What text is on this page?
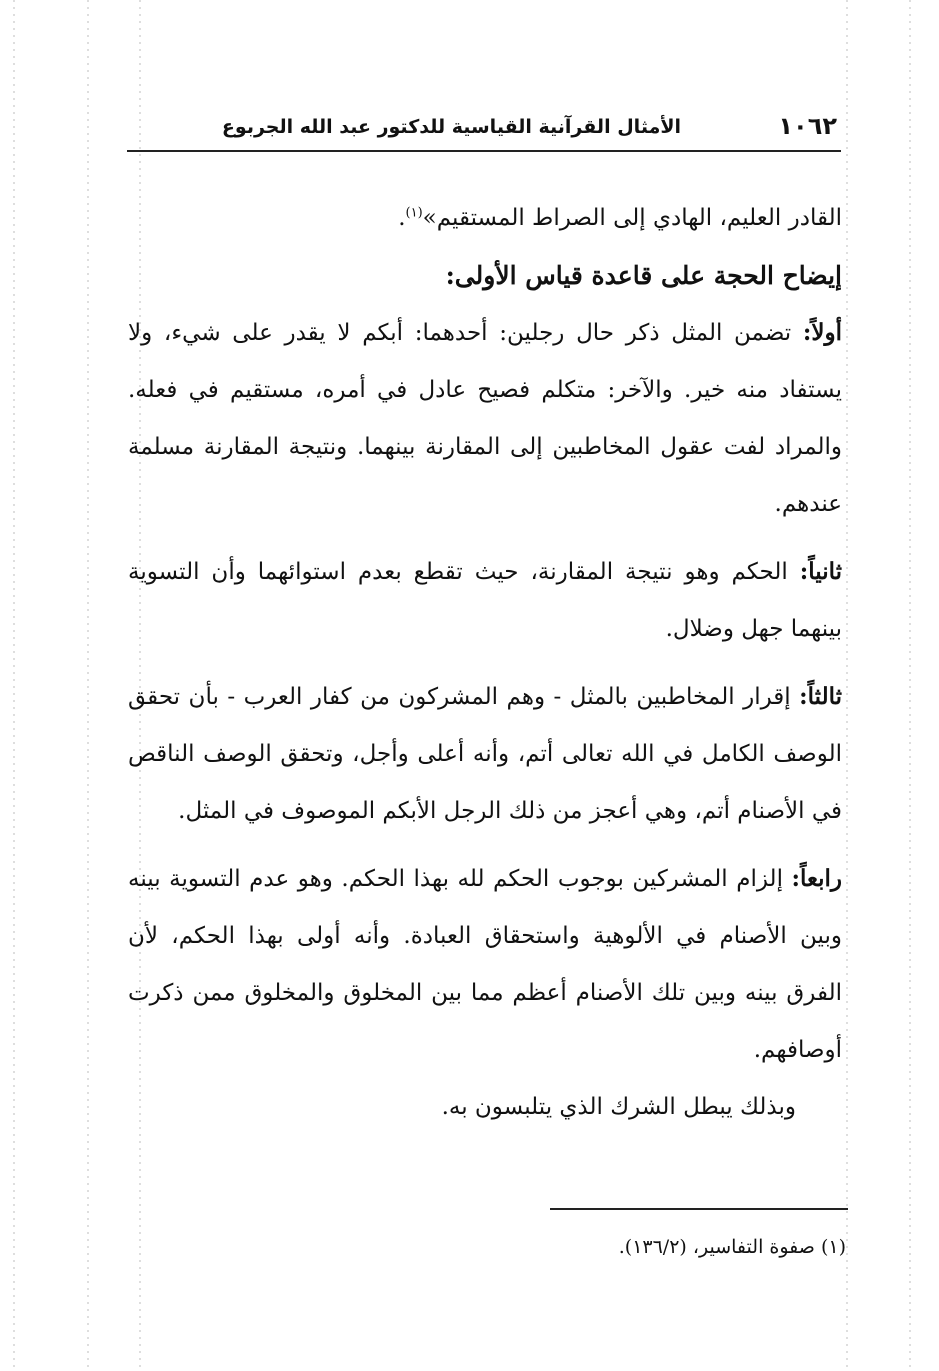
١٠٦٢
الأمثال القرآنية القياسية للدكتور عبد الله الجربوع

القادر العليم، الهادي إلى الصراط المستقيم»$^{(١)}$.

إيضاح الحجة على قاعدة قياس الأولى:

أولاً: تضمن المثل ذكر حال رجلين: أحدهما: أبكم لا يقدر على شيء، ولا يستفاد منه خير. والآخر: متكلم فصيح عادل في أمره، مستقيم في فعله. والمراد لفت عقول المخاطبين إلى المقارنة بينهما. ونتيجة المقارنة مسلمة عندهم.

ثانياً: الحكم وهو نتيجة المقارنة، حيث تقطع بعدم استوائهما وأن التسوية بينهما جهل وضلال.

ثالثاً: إقرار المخاطبين بالمثل - وهم المشركون من كفار العرب - بأن تحقق الوصف الكامل في الله تعالى أتم، وأنه أعلى وأجل، وتحقق الوصف الناقص في الأصنام أتم، وهي أعجز من ذلك الرجل الأبكم الموصوف في المثل.

رابعاً: إلزام المشركين بوجوب الحكم لله بهذا الحكم. وهو عدم التسوية بينه وبين الأصنام في الألوهية واستحقاق العبادة. وأنه أولى بهذا الحكم، لأن الفرق بينه وبين تلك الأصنام أعظم مما بين المخلوق والمخلوق ممن ذكرت أوصافهم.

وبذلك يبطل الشرك الذي يتلبسون به.

(١) صفوة التفاسير، (١٣٦/٢).
